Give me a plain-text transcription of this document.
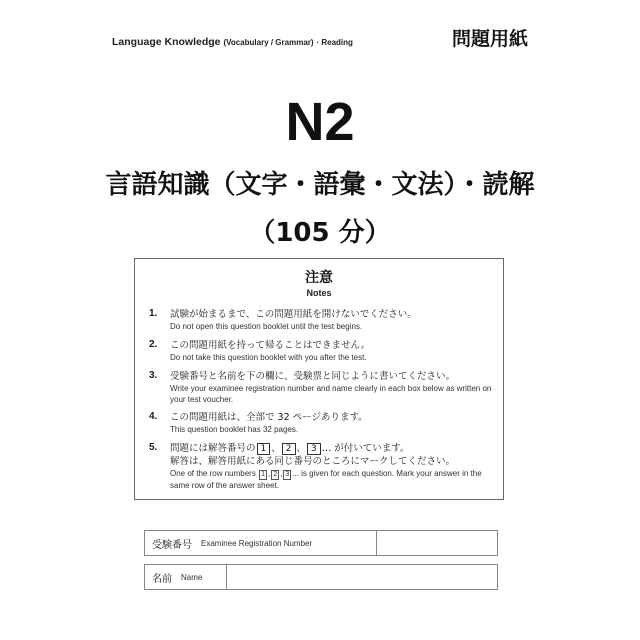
Language Knowledge (Vocabulary / Grammar) · Reading	問題用紙
N2
言語知識（文字・語彙・文法）・読解
（105 分）
注意
Notes
1. 試験が始まるまで、この問題用紙を開けないでください。
Do not open this question booklet until the test begins.
2. この問題用紙を持って帰ることはできません。
Do not take this question booklet with you after the test.
3. 受験番号と名前を下の欄に、受験票と同じように書いてください。
Write your examinee registration number and name clearly in each box below as written on your test voucher.
4. この問題用紙は、全部で 32 ページあります。
This question booklet has 32 pages.
5. 問題には解答番号の 1 、 2 、 3 … が付いています。
解答は、解答用紙にある同じ番号のところにマークしてください。
One of the row numbers 1 , 2 , 3 ... is given for each question. Mark your answer in the same row of the answer sheet.
受験番号 Examinee Registration Number
名前 Name
